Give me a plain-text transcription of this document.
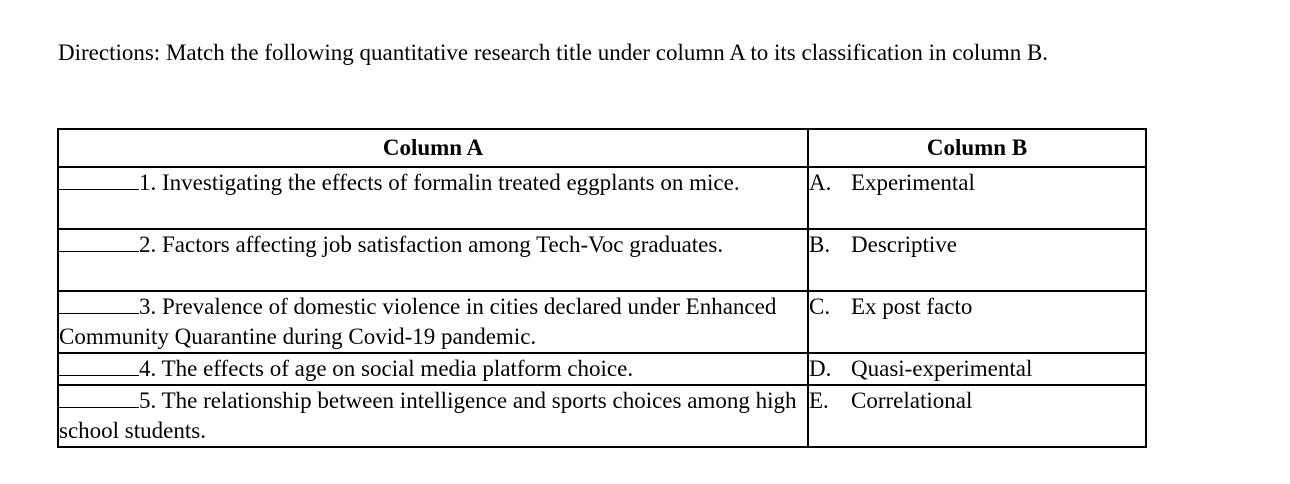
Directions: Match the following quantitative research title under column A to its classification in column B.
Column A	Column B
1. Investigating the effects of formalin treated eggplants on mice.	A. Experimental
2. Factors affecting job satisfaction among Tech-Voc graduates.	B. Descriptive
3. Prevalence of domestic violence in cities declared under Enhanced Community Quarantine during Covid-19 pandemic.	C. Ex post facto
4. The effects of age on social media platform choice.	D. Quasi-experimental
5. The relationship between intelligence and sports choices among high school students.	E. Correlational
